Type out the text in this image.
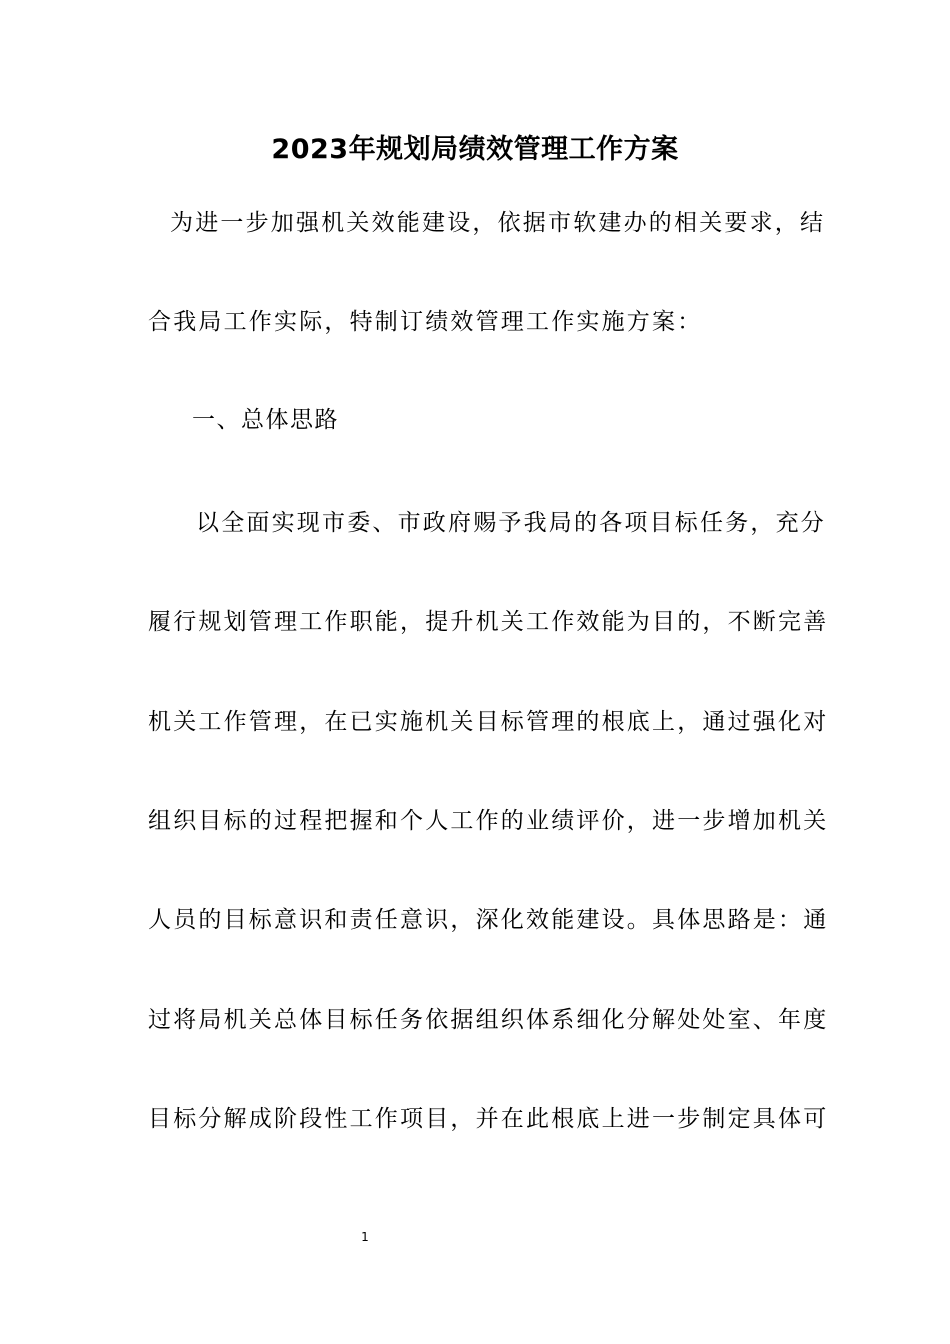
2023年规划局绩效管理工作方案
为进一步加强机关效能建设，依据市软建办的相关要求，结
合我局工作实际，特制订绩效管理工作实施方案：
一、总体思路
以全面实现市委、市政府赐予我局的各项目标任务，充分
履行规划管理工作职能，提升机关工作效能为目的，不断完善
机关工作管理，在已实施机关目标管理的根底上，通过强化对
组织目标的过程把握和个人工作的业绩评价，进一步增加机关
人员的目标意识和责任意识，深化效能建设。具体思路是：通
过将局机关总体目标任务依据组织体系细化分解处处室、年度
目标分解成阶段性工作项目，并在此根底上进一步制定具体可
1
